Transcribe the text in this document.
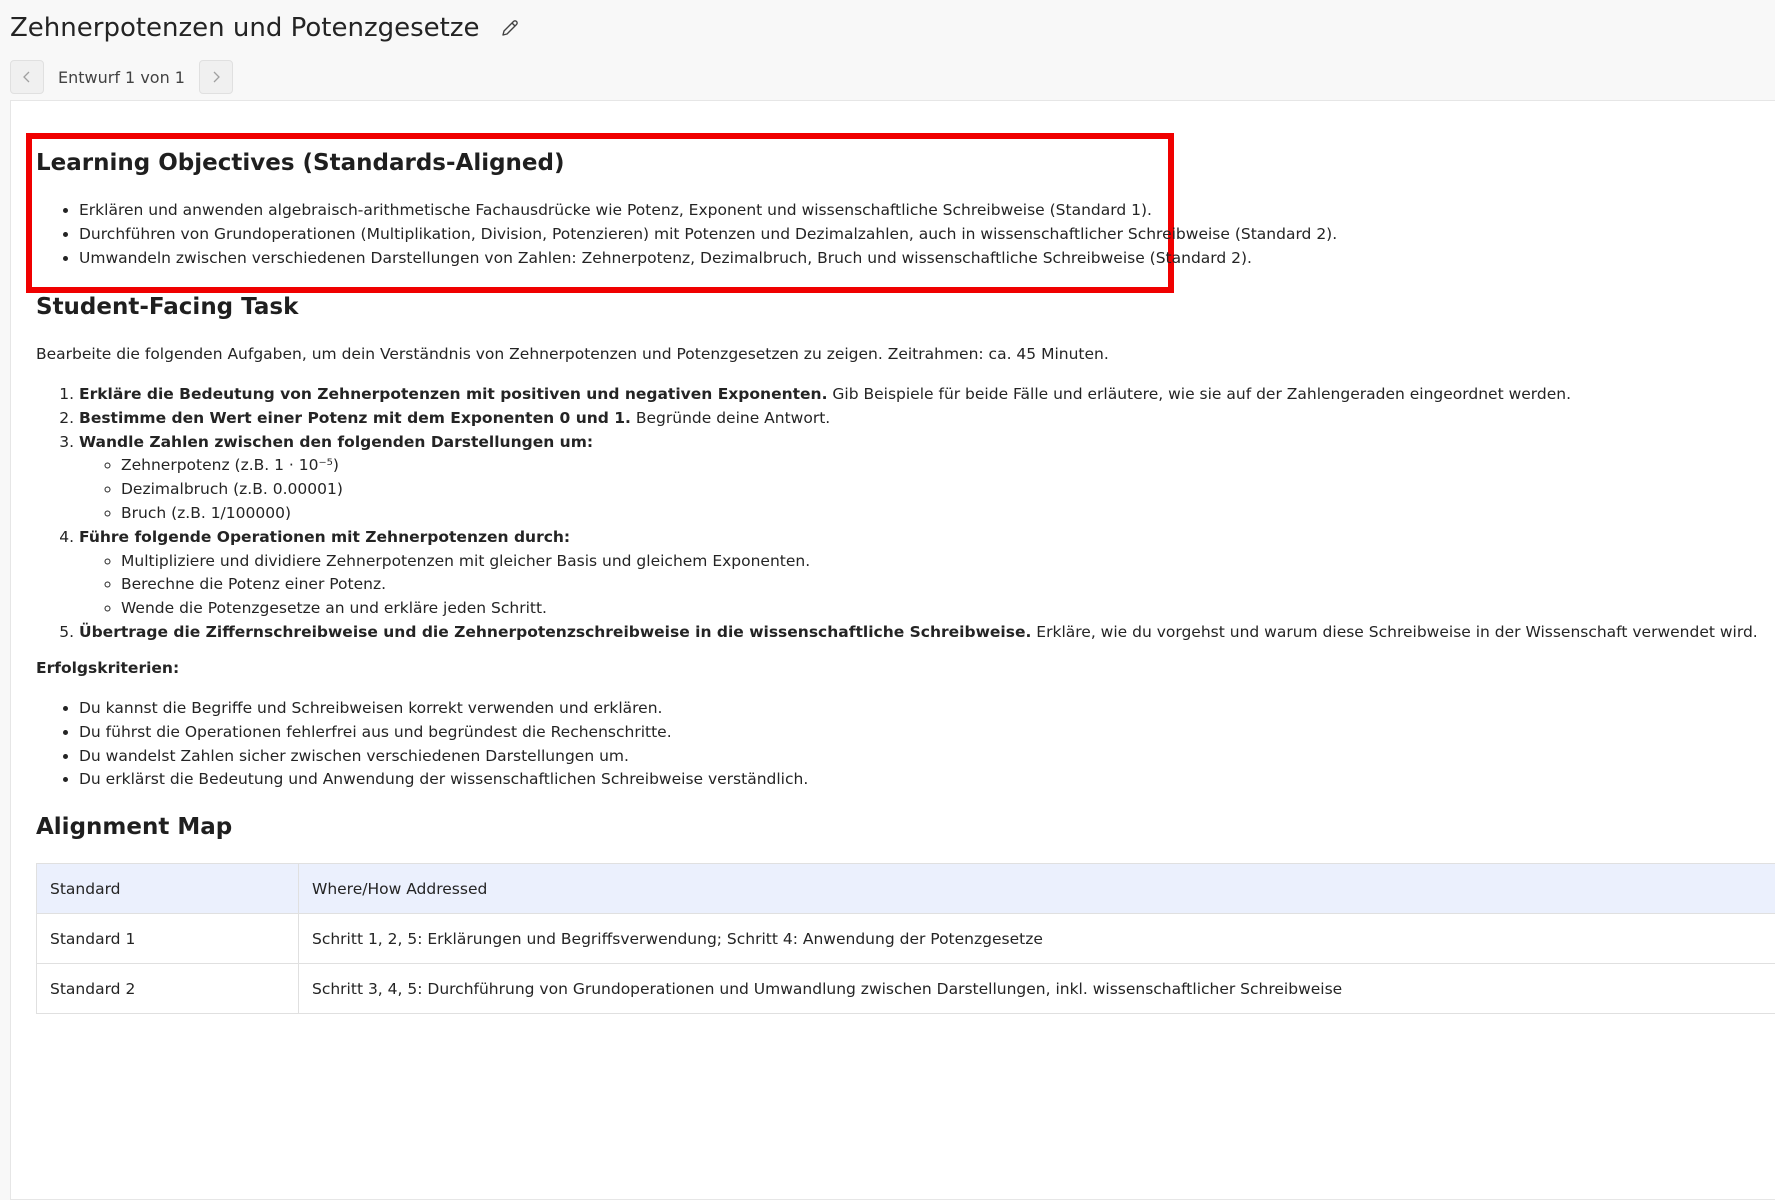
Zehnerpotenzen und Potenzgesetze
Entwurf 1 von 1
Learning Objectives (Standards-Aligned)
• Erklären und anwenden algebraisch-arithmetische Fachausdrücke wie Potenz, Exponent und wissenschaftliche Schreibweise (Standard 1).
• Durchführen von Grundoperationen (Multiplikation, Division, Potenzieren) mit Potenzen und Dezimalzahlen, auch in wissenschaftlicher Schreibweise (Standard 2).
• Umwandeln zwischen verschiedenen Darstellungen von Zahlen: Zehnerpotenz, Dezimalbruch, Bruch und wissenschaftliche Schreibweise (Standard 2).
Student-Facing Task

Bearbeite die folgenden Aufgaben, um dein Verständnis von Zehnerpotenzen und Potenzgesetzen zu zeigen. Zeitrahmen: ca. 45 Minuten.

1. Erkläre die Bedeutung von Zehnerpotenzen mit positiven und negativen Exponenten. Gib Beispiele für beide Fälle und erläutere, wie sie auf der Zahlengeraden eingeordnet werden.
2. Bestimme den Wert einer Potenz mit dem Exponenten 0 und 1. Begründe deine Antwort.
3. Wandle Zahlen zwischen den folgenden Darstellungen um:
◦ Zehnerpotenz (z.B. 1 · 10⁻⁵)
◦ Dezimalbruch (z.B. 0.00001)
◦ Bruch (z.B. 1/100000)
4. Führe folgende Operationen mit Zehnerpotenzen durch:
◦ Multipliziere und dividiere Zehnerpotenzen mit gleicher Basis und gleichem Exponenten.
◦ Berechne die Potenz einer Potenz.
◦ Wende die Potenzgesetze an und erkläre jeden Schritt.
5. Übertrage die Ziffernschreibweise und die Zehnerpotenzschreibweise in die wissenschaftliche Schreibweise. Erkläre, wie du vorgehst und warum diese Schreibweise in der Wissenschaft verwendet wird.

Erfolgskriterien:

• Du kannst die Begriffe und Schreibweisen korrekt verwenden und erklären.
• Du führst die Operationen fehlerfrei aus und begründest die Rechenschritte.
• Du wandelst Zahlen sicher zwischen verschiedenen Darstellungen um.
• Du erklärst die Bedeutung und Anwendung der wissenschaftlichen Schreibweise verständlich.
Alignment Map
Standard	Where/How Addressed
Standard 1	Schritt 1, 2, 5: Erklärungen und Begriffsverwendung; Schritt 4: Anwendung der Potenzgesetze
Standard 2	Schritt 3, 4, 5: Durchführung von Grundoperationen und Umwandlung zwischen Darstellungen, inkl. wissenschaftlicher Schreibweise
